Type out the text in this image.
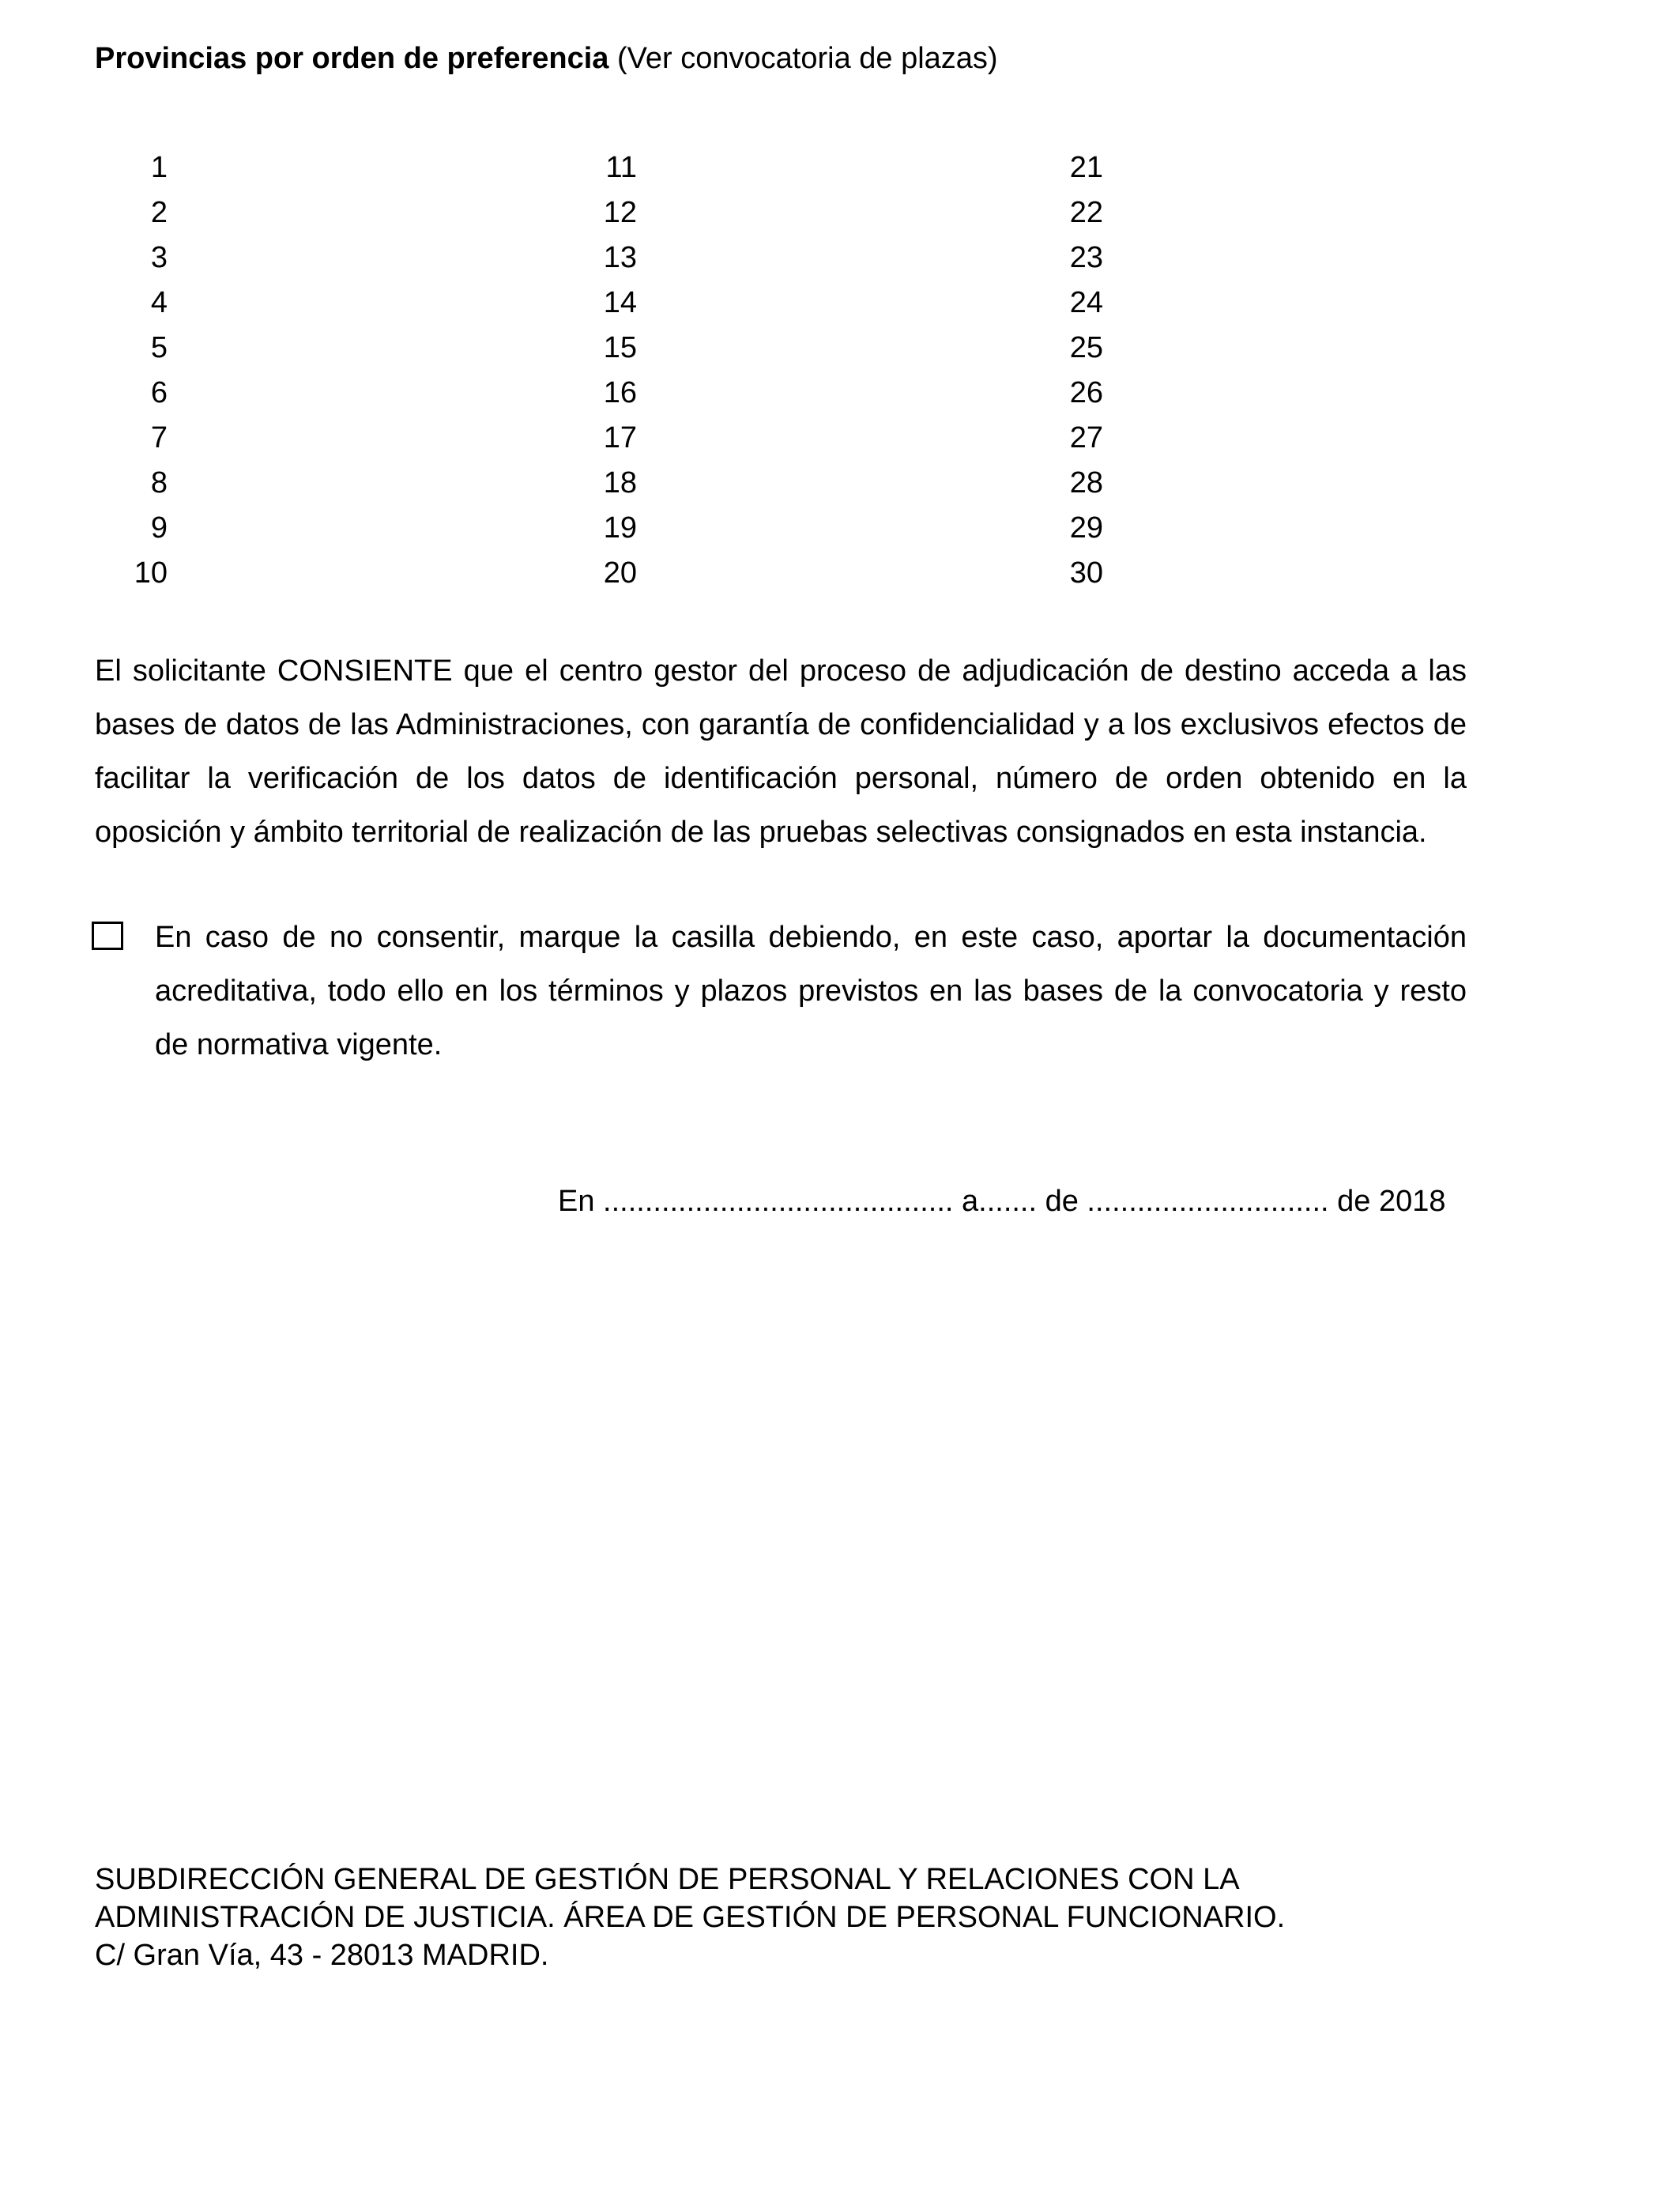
Provincias por orden de preferencia (Ver convocatoria de plazas)
1
2
3
4
5
6
7
8
9
10
11
12
13
14
15
16
17
18
19
20
21
22
23
24
25
26
27
28
29
30
El solicitante CONSIENTE que el centro gestor del proceso de adjudicación de destino acceda a las bases de datos de las Administraciones, con garantía de confidencialidad y a los exclusivos efectos de facilitar la verificación de los datos de identificación personal, número de orden obtenido en la oposición y ámbito territorial de realización de las pruebas selectivas consignados en esta instancia.
En caso de no consentir, marque la casilla debiendo, en este caso, aportar la documentación acreditativa, todo ello en los términos y plazos previstos en las bases de la convocatoria y resto de normativa vigente.
En .......................................... a....... de ............................. de 2018
SUBDIRECCIÓN GENERAL DE GESTIÓN DE PERSONAL Y RELACIONES CON LA
ADMINISTRACIÓN DE JUSTICIA. ÁREA DE GESTIÓN DE PERSONAL FUNCIONARIO.
C/ Gran Vía, 43 - 28013 MADRID.
